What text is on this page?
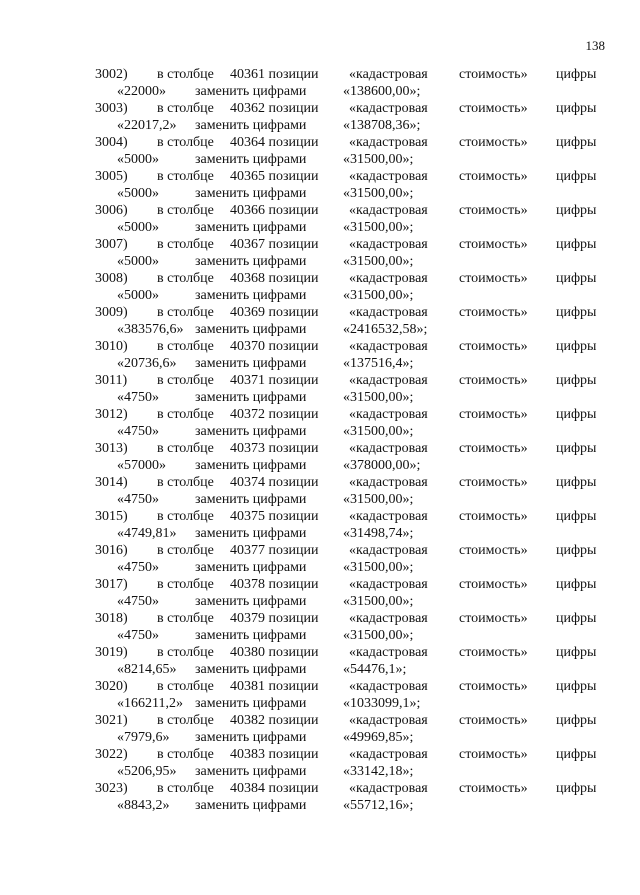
138
3002) в столбце 40361 позиции «кадастровая стоимость» цифры
«22000» заменить цифрами	«138600,00»;
3003) в столбце 40362 позиции «кадастровая стоимость» цифры
«22017,2» заменить цифрами	«138708,36»;
3004) в столбце 40364 позиции «кадастровая стоимость» цифры
«5000»	заменить цифрами	«31500,00»;
3005) в столбце 40365 позиции «кадастровая стоимость» цифры
«5000»	заменить цифрами	«31500,00»;
3006) в столбце 40366 позиции «кадастровая стоимость» цифры
«5000»	заменить цифрами	«31500,00»;
3007) в столбце 40367 позиции «кадастровая стоимость» цифры
«5000»	заменить цифрами	«31500,00»;
3008) в столбце 40368 позиции «кадастровая стоимость» цифры
«5000»	заменить цифрами	«31500,00»;
3009) в столбце 40369 позиции «кадастровая стоимость» цифры
«383576,6» заменить цифрами	«2416532,58»;
3010) в столбце 40370 позиции «кадастровая стоимость» цифры
«20736,6» заменить цифрами	«137516,4»;
3011) в столбце 40371 позиции «кадастровая стоимость» цифры
«4750»	заменить цифрами	«31500,00»;
3012) в столбце 40372 позиции «кадастровая стоимость» цифры
«4750»	заменить цифрами	«31500,00»;
3013) в столбце 40373 позиции «кадастровая стоимость» цифры
«57000» заменить цифрами	«378000,00»;
3014) в столбце 40374 позиции «кадастровая стоимость» цифры
«4750»	заменить цифрами	«31500,00»;
3015) в столбце 40375 позиции «кадастровая стоимость» цифры
«4749,81» заменить цифрами	«31498,74»;
3016) в столбце 40377 позиции «кадастровая стоимость» цифры
«4750»	заменить цифрами	«31500,00»;
3017) в столбце 40378 позиции «кадастровая стоимость» цифры
«4750»	заменить цифрами	«31500,00»;
3018) в столбце 40379 позиции «кадастровая стоимость» цифры
«4750»	заменить цифрами	«31500,00»;
3019) в столбце 40380 позиции «кадастровая стоимость» цифры
«8214,65» заменить цифрами	«54476,1»;
3020) в столбце 40381 позиции «кадастровая стоимость» цифры
«166211,2» заменить цифрами	«1033099,1»;
3021) в столбце 40382 позиции «кадастровая стоимость» цифры
«7979,6» заменить цифрами	«49969,85»;
3022) в столбце 40383 позиции «кадастровая стоимость» цифры
«5206,95» заменить цифрами	«33142,18»;
3023) в столбце 40384 позиции «кадастровая стоимость» цифры
«8843,2» заменить цифрами	«55712,16»;
